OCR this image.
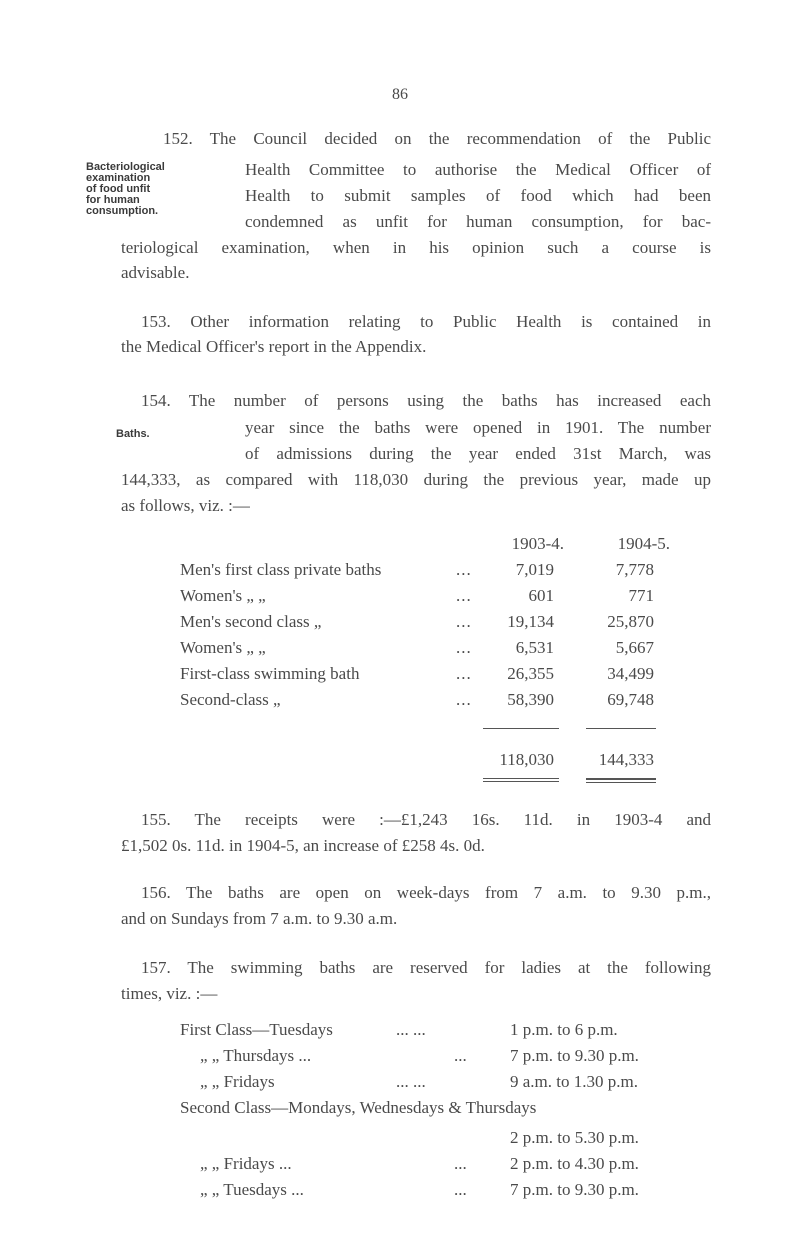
86
Bacteriological
examination
of food unfit
for human
consumption.
152. The Council decided on the recommendation of the Public
Health Committee to authorise the Medical Officer of
Health to submit samples of food which had been
condemned as unfit for human consumption, for bac-
teriological examination, when in his opinion such a course is
advisable.
153. Other information relating to Public Health is contained in
the Medical Officer's report in the Appendix.
Baths.
154. The number of persons using the baths has increased each
year since the baths were opened in 1901. The number
of admissions during the year ended 31st March, was
144,333, as compared with 118,030 during the previous year, made up
as follows, viz. :—
1903-4.	1904-5.
Men's first class private baths	...	7,019	7,778
Women's „ „	...	601	771
Men's second class „	...	19,134	25,870
Women's „ „	...	6,531	5,667
First-class swimming bath	...	26,355	34,499
Second-class „	...	58,390	69,748
118,030	144,333
155. The receipts were :—£1,243 16s. 11d. in 1903-4 and
£1,502 0s. 11d. in 1904-5, an increase of £258 4s. 0d.
156. The baths are open on week-days from 7 a.m. to 9.30 p.m.,
and on Sundays from 7 a.m. to 9.30 a.m.
157. The swimming baths are reserved for ladies at the following
times, viz. :—
First Class—Tuesdays	... ...	1 p.m. to 6 p.m.
„ „ Thursdays ...	...	7 p.m. to 9.30 p.m.
„ „ Fridays	... ...	9 a.m. to 1.30 p.m.
Second Class—Mondays, Wednesdays & Thursdays
2 p.m. to 5.30 p.m.
„ „ Fridays ...	...	2 p.m. to 4.30 p.m.
„ „ Tuesdays ...	...	7 p.m. to 9.30 p.m.
